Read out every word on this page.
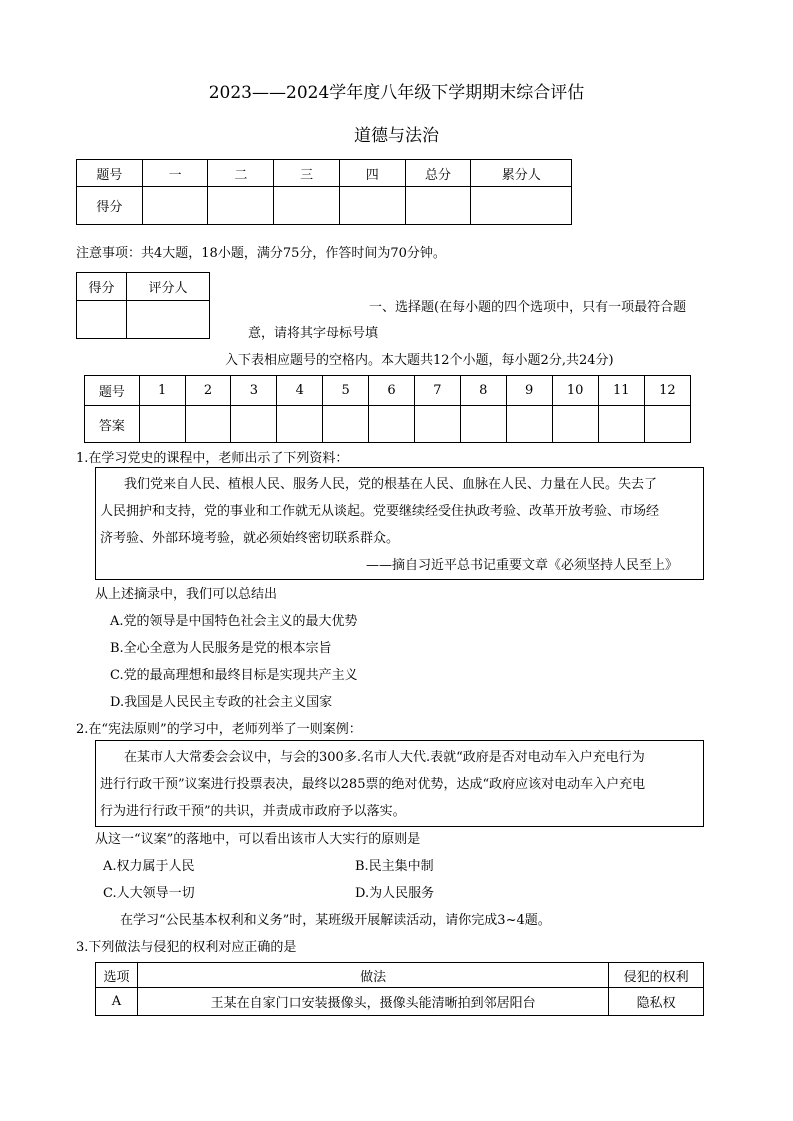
2023——2024学年度八年级下学期期末综合评估
道德与法治
题号	一	二	三	四	总分	累分人
得分						
注意事项：共4大题，18小题，满分75分，作答时间为70分钟。
得分	评分人

一、选择题(在每小题的四个选项中，只有一项最符合题
意，请将其字母标号填
入下表相应题号的空格内。本大题共12个小题，每小题2分,共24分)
题号	1	2	3	4	5	6	7	8	9	10	11	12
答案												
1.在学习党史的课程中，老师出示了下列资料：
我们党来自人民、植根人民、服务人民，党的根基在人民、血脉在人民、力量在人民。失去了
人民拥护和支持，党的事业和工作就无从谈起。党要继续经受住执政考验、改革开放考验、市场经
济考验、外部环境考验，就必须始终密切联系群众。
——摘自习近平总书记重要文章《必须坚持人民至上》
从上述摘录中，我们可以总结出
A.党的领导是中国特色社会主义的最大优势
B.全心全意为人民服务是党的根本宗旨
C.党的最高理想和最终目标是实现共产主义
D.我国是人民民主专政的社会主义国家
2.在“宪法原则”的学习中，老师列举了一则案例：
在某市人大常委会会议中，与会的300多.名市人大代.表就“政府是否对电动车入户充电行为
进行行政干预”议案进行投票表决，最终以285票的绝对优势，达成“政府应该对电动车入户充电
行为进行行政干预”的共识，并责成市政府予以落实。
从这一“议案”的落地中，可以看出该市人大实行的原则是
A.权力属于人民	B.民主集中制
C.人大领导一切	D.为人民服务
在学习“公民基本权利和义务”时，某班级开展解读活动，请你完成3~4题。
3.下列做法与侵犯的权利对应正确的是
选项	做法	侵犯的权利
A	王某在自家门口安装摄像头，摄像头能清晰拍到邻居阳台	隐私权
